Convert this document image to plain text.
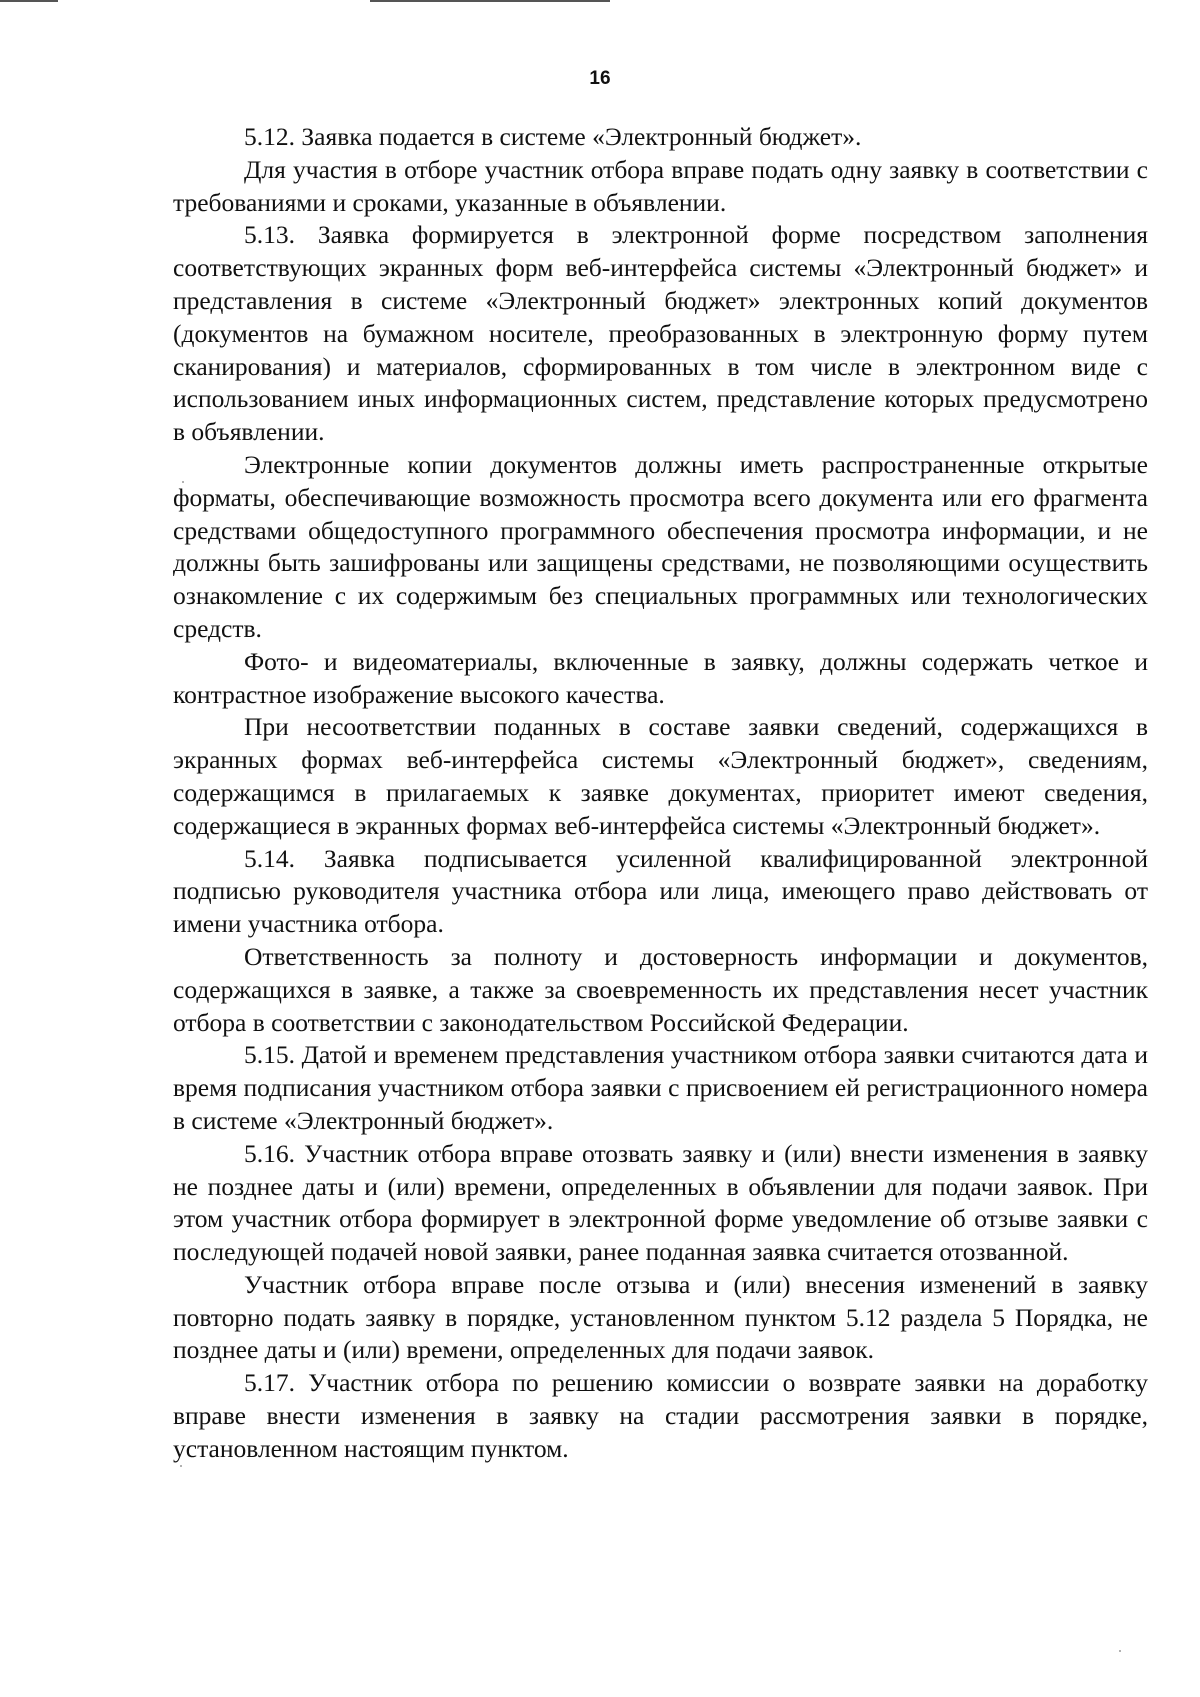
16

5.12. Заявка подается в системе «Электронный бюджет».

Для участия в отборе участник отбора вправе подать одну заявку в соответствии с требованиями и сроками, указанные в объявлении.

5.13. Заявка формируется в электронной форме посредством заполнения соответствующих экранных форм веб-интерфейса системы «Электронный бюджет» и представления в системе «Электронный бюджет» электронных копий документов (документов на бумажном носителе, преобразованных в электронную форму путем сканирования) и материалов, сформированных в том числе в электронном виде с использованием иных информационных систем, представление которых предусмотрено в объявлении.

Электронные копии документов должны иметь распространенные открытые форматы, обеспечивающие возможность просмотра всего документа или его фрагмента средствами общедоступного программного обеспечения просмотра информации, и не должны быть зашифрованы или защищены средствами, не позволяющими осуществить ознакомление с их содержимым без специальных программных или технологических средств.

Фото- и видеоматериалы, включенные в заявку, должны содержать четкое и контрастное изображение высокого качества.

При несоответствии поданных в составе заявки сведений, содержащихся в экранных формах веб-интерфейса системы «Электронный бюджет», сведениям, содержащимся в прилагаемых к заявке документах, приоритет имеют сведения, содержащиеся в экранных формах веб-интерфейса системы «Электронный бюджет».

5.14. Заявка подписывается усиленной квалифицированной электронной подписью руководителя участника отбора или лица, имеющего право действовать от имени участника отбора.

Ответственность за полноту и достоверность информации и документов, содержащихся в заявке, а также за своевременность их представления несет участник отбора в соответствии с законодательством Российской Федерации.

5.15. Датой и временем представления участником отбора заявки считаются дата и время подписания участником отбора заявки с присвоением ей регистрационного номера в системе «Электронный бюджет».

5.16. Участник отбора вправе отозвать заявку и (или) внести изменения в заявку не позднее даты и (или) времени, определенных в объявлении для подачи заявок. При этом участник отбора формирует в электронной форме уведомление об отзыве заявки с последующей подачей новой заявки, ранее поданная заявка считается отозванной.

Участник отбора вправе после отзыва и (или) внесения изменений в заявку повторно подать заявку в порядке, установленном пунктом 5.12 раздела 5 Порядка, не позднее даты и (или) времени, определенных для подачи заявок.

5.17. Участник отбора по решению комиссии о возврате заявки на доработку вправе внести изменения в заявку на стадии рассмотрения заявки в порядке, установленном настоящим пунктом.
